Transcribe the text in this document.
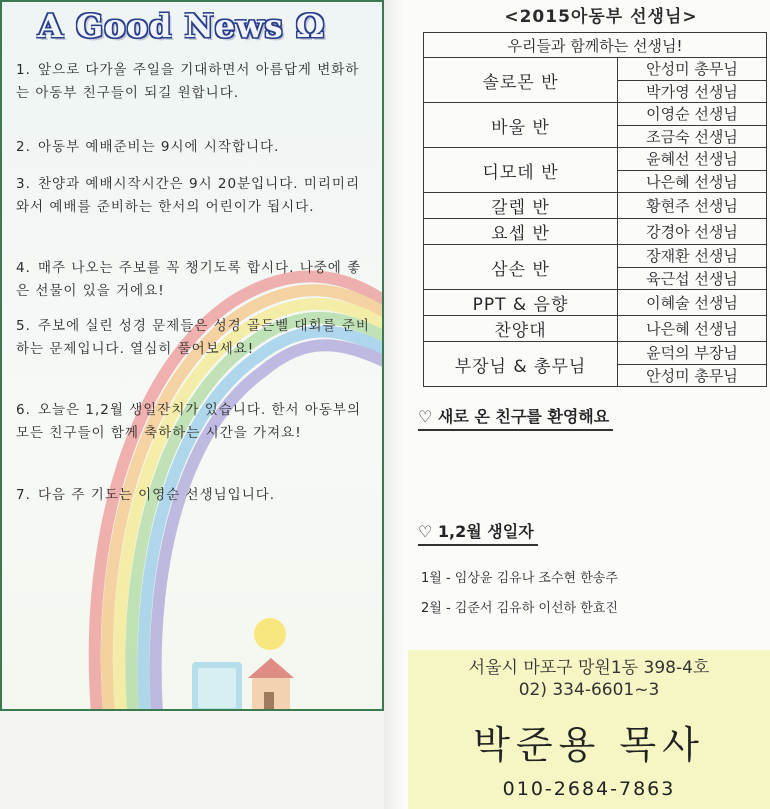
A Good News Ω
1. 앞으로 다가올 주일을 기대하면서 아름답게 변화하는 아동부 친구들이 되길 원합니다.
2. 아동부 예배준비는 9시에 시작합니다.
3. 찬양과 예배시작시간은 9시 20분입니다. 미리미리 와서 예배를 준비하는 한서의 어린이가 됩시다.
4. 매주 나오는 주보를 꼭 챙기도록 합시다. 나중에 좋은 선물이 있을 거에요!
5. 주보에 실린 성경 문제들은 성경 골든벨 대회를 준비하는 문제입니다. 열심히 풀어보세요!
6. 오늘은 1,2월 생일잔치가 있습니다. 한서 아동부의 모든 친구들이 함께 축하하는 시간을 가져요!
7. 다음 주 기도는 이영순 선생님입니다.
<2015아동부 선생님>
우리들과 함께하는 선생님!	
솔로몬 반	안성미 총무님
	박가영 선생님
바울 반	이영순 선생님
	조금숙 선생님
디모데 반	윤혜선 선생님
	나은혜 선생님
갈렙 반	황현주 선생님
요셉 반	강경아 선생님
삼손 반	장재환 선생님
	육근섭 선생님
PPT & 음향	이혜술 선생님
찬양대	나은혜 선생님
부장님 & 총무님	윤덕의 부장님
	안성미 총무님
♡ 새로 온 친구를 환영해요
♡ 1,2월 생일자
1월 - 임상윤 김유나 조수현 한송주
2월 - 김준서 김유하 이선하 한효진
서울시 마포구 망원1동 398-4호
02) 334-6601~3
박준용 목사
010-2684-7863
